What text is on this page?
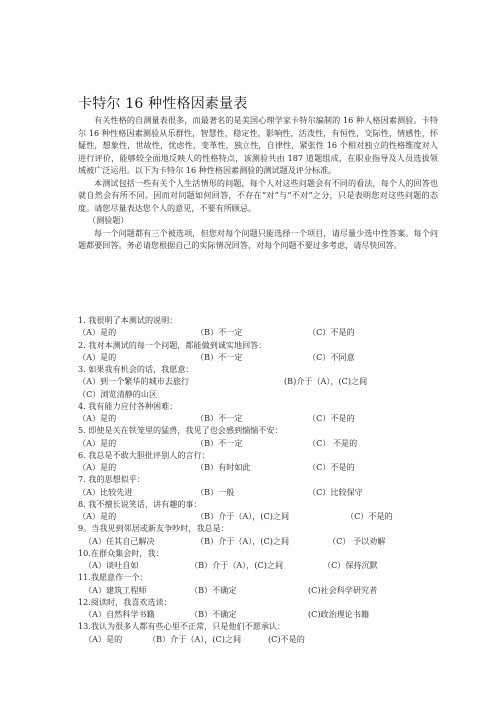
卡特尔 16 种性格因素量表

有关性格的自测量表很多，而最著名的是美国心理学家卡特尔编制的 16 种人格因素测验。卡特尔 16 种性格因素测验从乐群性，智慧性，稳定性，影响性，活泼性，有恒性，交际性，情感性，怀疑性，想象性，世故性，忧虑性，变革性，独立性，自律性，紧张性 16 个相对独立的性格维度对人进行评价，能够较全面地反映人的性格特点，该测验共由 187 道题组成，在职业指导及人员选拔领域被广泛运用。以下为卡特尔 16 种性格因素测验的测试题及评分标准。

本测试包括一些有关个人生活情形的问题，每个人对这些问题会有不同的看法，每个人的回答也就自然会有所不同。因而对问题如何回答，不存在“对”与“不对”之分，只是表明您对这些问题的态度。请您尽量表达您个人的意见，不要有所顾忌。

（测验题）

每一个问题都有三个被选项，但您对每个问题只能选择一个项目，请尽量少选中性答案。每个问题都要回答。务必请您根据自己的实际情况回答，对每个问题不要过多考虑，请尽快回答。

1. 我很明了本测试的说明：
（A）是的	（B）不一定	（C）不是的
2. 我对本测试的每一个问题，都能做到诚实地回答：
（A）是的	（B）不一定	（C）不同意
3. 如果我有机会的话，我愿意：
（A）到一个繁华的城市去旅行	(B)介于（A），(C)之间
（C）浏览清静的山区
4. 我有能力应付各种困难：
（A）是的	（B）不一定	（C）不是的
5. 即使是关在铁笼里的猛兽，我见了也会感到惴惴不安：
（A）是的	（B）不一定	（C） 不是的
6. 我总是不敢大胆批评别人的言行：
（A）是的	（B）有时如此	（C）不是的
7. 我的思想似乎：
（A）比较先进	（B）一般	（C）比较保守
8. 我不擅长说笑话，讲有趣的事：
（A）是的	（B）介于（A），(C)之间	（C）不是的
9。当我见到邻居或新友争吵时，我总是：
（A）任其自己解决	（B）介于（A），(C)之间	（C） 予以劝解
10.在群众集会时，我：
（A）谈吐自如	（B）介于（A），(C)之间	（C）保持沉默
11.我愿意作一个：
（A）建筑工程师	（B）不确定	(C)社会科学研究者
12.阅读时，我喜欢选读：
（A）自然科学书籍	（B）不确定	(C)政治理论书籍
13.我认为很多人都有些心里不正常，只是他们不愿承认：
（A）是的	（B）介于（A），(C)之间	(C)不是的
